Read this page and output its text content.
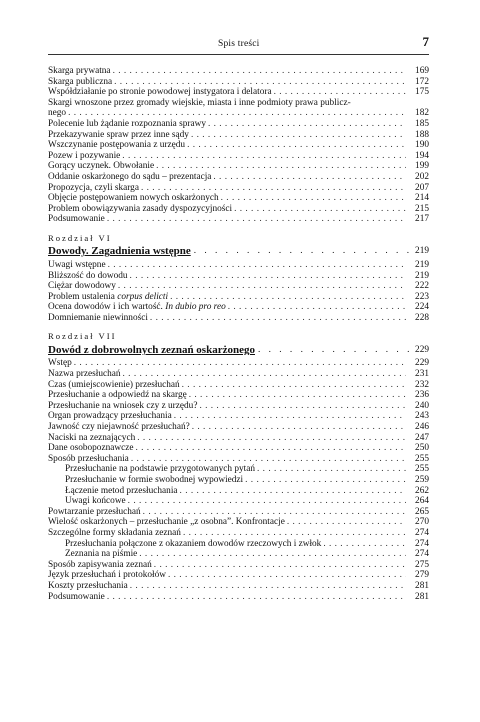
Spis treści	7
Skarga prywatna . . .	169
Skarga publiczna . . .	172
Współdziałanie po stronie powodowej instygatora i delatora . . .	175
Skargi wnoszone przez gromady wiejskie, miasta i inne podmioty prawa publicz-
nego . . .	182
Polecenie lub żądanie rozpoznania sprawy . . .	185
Przekazywanie spraw przez inne sądy . . .	188
Wszczynanie postępowania z urzędu . . .	190
Pozew i pozywanie . . .	194
Gorący uczynek. Obwołanie . . .	199
Oddanie oskarżonego do sądu – prezentacja . . .	202
Propozycja, czyli skarga . . .	207
Objęcie postępowaniem nowych oskarżonych . . .	214
Problem obowiązywania zasady dyspozycyjności . . .	215
Podsumowanie . . .	217
Rozdział VI
Dowody. Zagadnienia wstępne . . .	219
Uwagi wstępne . . .	219
Bliższość do dowodu . . .	219
Ciężar dowodowy . . .	222
Problem ustalenia corpus delicti . . .	223
Ocena dowodów i ich wartość. In dubio pro reo . . .	224
Domniemanie niewinności . . .	228
Rozdział VII
Dowód z dobrowolnych zeznań oskarżonego . . .	229
Wstęp . . .	229
Nazwa przesłuchań . . .	231
Czas (umiejscowienie) przesłuchań . . .	232
Przesłuchanie a odpowiedź na skargę . . .	236
Przesłuchanie na wniosek czy z urzędu? . . .	240
Organ prowadzący przesłuchania . . .	243
Jawność czy niejawność przesłuchań? . . .	246
Naciski na zeznających . . .	247
Dane osobopoznawcze . . .	250
Sposób przesłuchania . . .	255
Przesłuchanie na podstawie przygotowanych pytań . . .	255
Przesłuchanie w formie swobodnej wypowiedzi . . .	259
Łączenie metod przesłuchania . . .	262
Uwagi końcowe . . .	264
Powtarzanie przesłuchań . . .	265
Wielość oskarżonych – przesłuchanie „z osobna”. Konfrontacje . . .	270
Szczególne formy składania zeznań . . .	274
Przesłuchania połączone z okazaniem dowodów rzeczowych i zwłok . . .	274
Zeznania na piśmie . . .	274
Sposób zapisywania zeznań . . .	275
Język przesłuchań i protokołów . . .	279
Koszty przesłuchania . . .	281
Podsumowanie . . .	281
